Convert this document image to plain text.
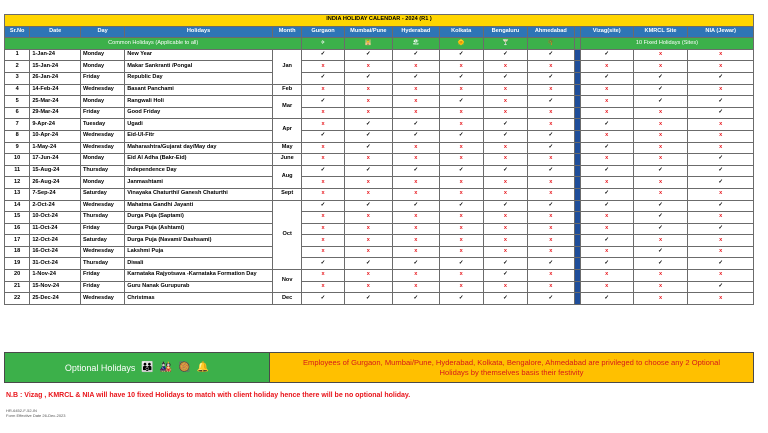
INDIA HOLIDAY CALENDAR - 2024 (R1 )														
Sr.No	Date	Day	Holidays	Month	Gurgaon	Mumbai/Pune	Hyderabad	Kolkata	Bengaluru	Ahmedabad		Vizag(site)	KMRCL Site	NIA (Jewar)
Common Holidays (Applicable to all)					✈	🕌	🏖	🌞	🍸	🌴		10 Fixed Holidays (Sites)		
1	1-Jan-24	Monday	New Year	Jan	✓	✓	✓	✓	✓	✓		✓	x	x
2	15-Jan-24	Monday	Makar Sankranti /Pongal		x	x	x	x	x	x		x	x	x
3	26-Jan-24	Friday	Republic Day		✓	✓	✓	✓	✓	✓		✓	✓	✓
4	14-Feb-24	Wednesday	Basant Panchami	Feb	x	x	x	x	x	x		x	✓	x
5	25-Mar-24	Monday	Rangwali Holi	Mar	✓	x	x	✓	x	✓		x	✓	✓
6	29-Mar-24	Friday	Good Friday		x	x	x	x	x	x		x	x	✓
7	9-Apr-24	Tuesday	Ugadi	Apr	x	✓	✓	x	✓	x		✓	x	x
8	10-Apr-24	Wednesday	Eid-Ul-Fitr		✓	✓	✓	✓	✓	✓		x	x	x
9	1-May-24	Wednesday	Maharashtra/Gujarat day/May day	May	x	✓	x	x	x	✓		✓	x	x
10	17-Jun-24	Monday	Eid Al Adha (Bakr-Eid)	June	x	x	x	x	x	x		x	x	✓
11	15-Aug-24	Thursday	Independence Day	Aug	✓	✓	✓	✓	✓	✓		✓	✓	✓
12	26-Aug-24	Monday	Janmashtami		x	x	x	x	x	x		x	x	✓
13	7-Sep-24	Saturday	Vinayaka Chaturthi/ Ganesh Chaturthi	Sept	x	x	x	x	x	x		✓	x	x
14	2-Oct-24	Wednesday	Mahatma Gandhi Jayanti	Oct	✓	✓	✓	✓	✓	✓		✓	✓	✓
15	10-Oct-24	Thursday	Durga Puja (Saptami)		x	x	x	x	x	x		x	✓	x
16	11-Oct-24	Friday	Durga Puja (Ashtami)		x	x	x	x	x	x		x	✓	✓
17	12-Oct-24	Saturday	Durga Puja (Navami/ Dashsami)		x	x	x	x	x	x		✓	x	x
18	16-Oct-24	Wednesday	Lakshmi Puja		x	x	x	x	x	x		x	✓	x
19	31-Oct-24	Thursday	Diwali		✓	✓	✓	✓	✓	✓		✓	✓	✓
20	1-Nov-24	Friday	Karnataka Rajyotsava -Karnataka Formation Day	Nov	x	x	x	x	✓	x		x	x	x
21	15-Nov-24	Friday	Guru Nanak Gurupurab		x	x	x	x	x	x		x	x	✓
22	25-Dec-24	Wednesday	Christmas	Dec	✓	✓	✓	✓	✓	✓		✓	x	x
Optional Holidays 👪 🎎 🥘 🔔	Employees of Gurgaon, Mumbai/Pune, Hyderabad, Kolkata, Bengalore, Ahmedabad are privileged to choose any 2 Optional Holidays by themselves basis their festivity
N.B : Vizag , KMRCL & NIA will have 10 fixed Holidays to match with client holiday hence there will be no optional holiday.
HR-6452-F-52-IN
Form Effective Date 26-Dec-2023
